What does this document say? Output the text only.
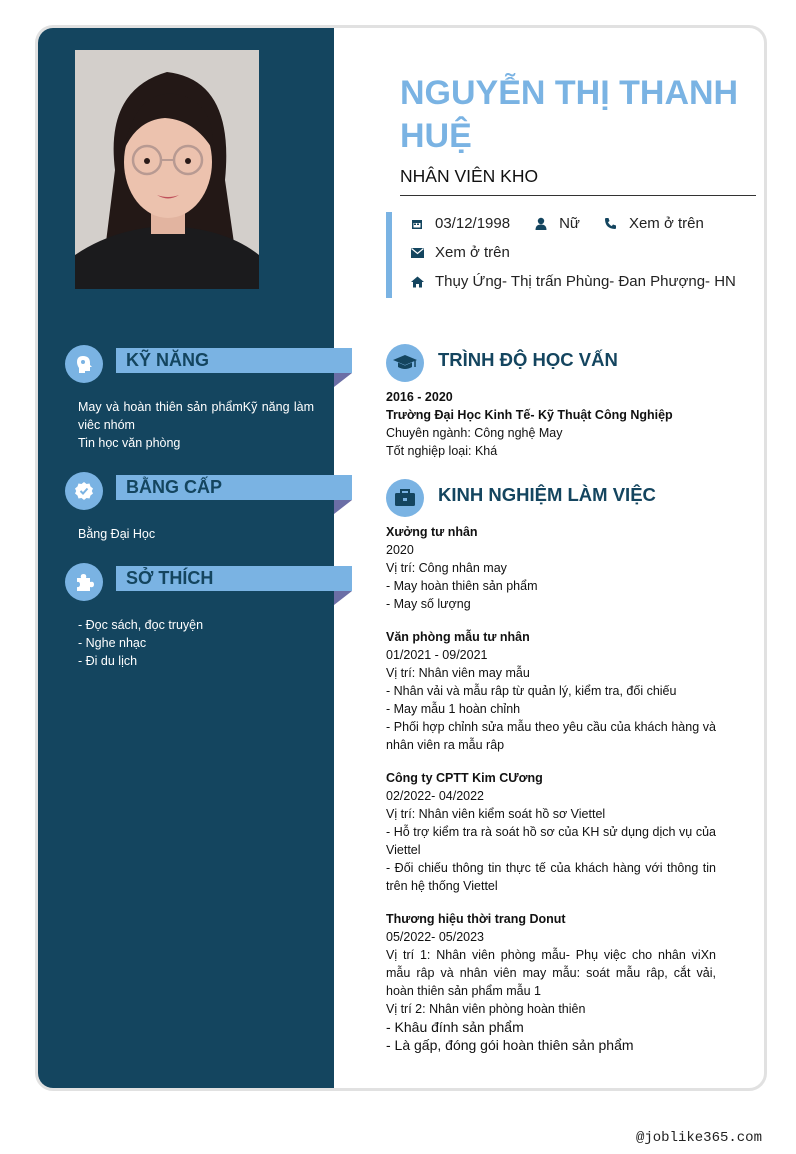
KỸ NĂNG
May và hoàn thiên sản phẩmKỹ năng làm viêc nhóm
Tin học văn phòng
BẰNG CẤP
Bằng Đại Học
SỞ THÍCH
- Đọc sách, đọc truyện
- Nghe nhạc
- Đi du lịch
NGUYỄN THỊ THANH HUỆ
NHÂN VIÊN KHO
03/12/1998	Nữ	Xem ở trên
Xem ở trên
Thụy Ứng- Thị trấn Phùng- Đan Phượng- HN
TRÌNH ĐỘ HỌC VẤN
2016 - 2020
Trường Đại Học Kinh Tế- Kỹ Thuật Công Nghiệp
Chuyên ngành: Công nghệ May
Tốt nghiệp loại: Khá
KINH NGHIỆM LÀM VIỆC
Xưởng tư nhân
2020
Vị trí: Công nhân may
- May hoàn thiên sản phẩm
- May số lượng
Văn phòng mẫu tư nhân
01/2021 - 09/2021
Vị trí: Nhân viên may mẫu
- Nhân vải và mẫu râp từ quản lý, kiểm tra, đối chiếu
- May mẫu 1 hoàn chỉnh
- Phối hợp chỉnh sửa mẫu theo yêu cầu của khách hàng và nhân viên ra mẫu râp
Công ty CPTT Kim CƯơng
02/2022- 04/2022
Vị trí: Nhân viên kiểm soát hồ sơ Viettel
- Hỗ trợ kiểm tra rà soát hồ sơ của KH sử dụng dịch vụ của Viettel
- Đối chiếu thông tin thực tế của khách hàng với thông tin trên hệ thống Viettel
Thương hiệu thời trang Donut
05/2022- 05/2023
Vị trí 1: Nhân viên phòng mẫu- Phụ việc cho nhân viXn mẫu râp và nhân viên may mẫu: soát mẫu râp, cắt vải, hoàn thiên sản phẩm mẫu 1
Vị trí 2: Nhân viên phòng hoàn thiên
- Khâu đính sản phẩm
- Là gấp, đóng gói hoàn thiên sản phẩm
@joblike365.com
